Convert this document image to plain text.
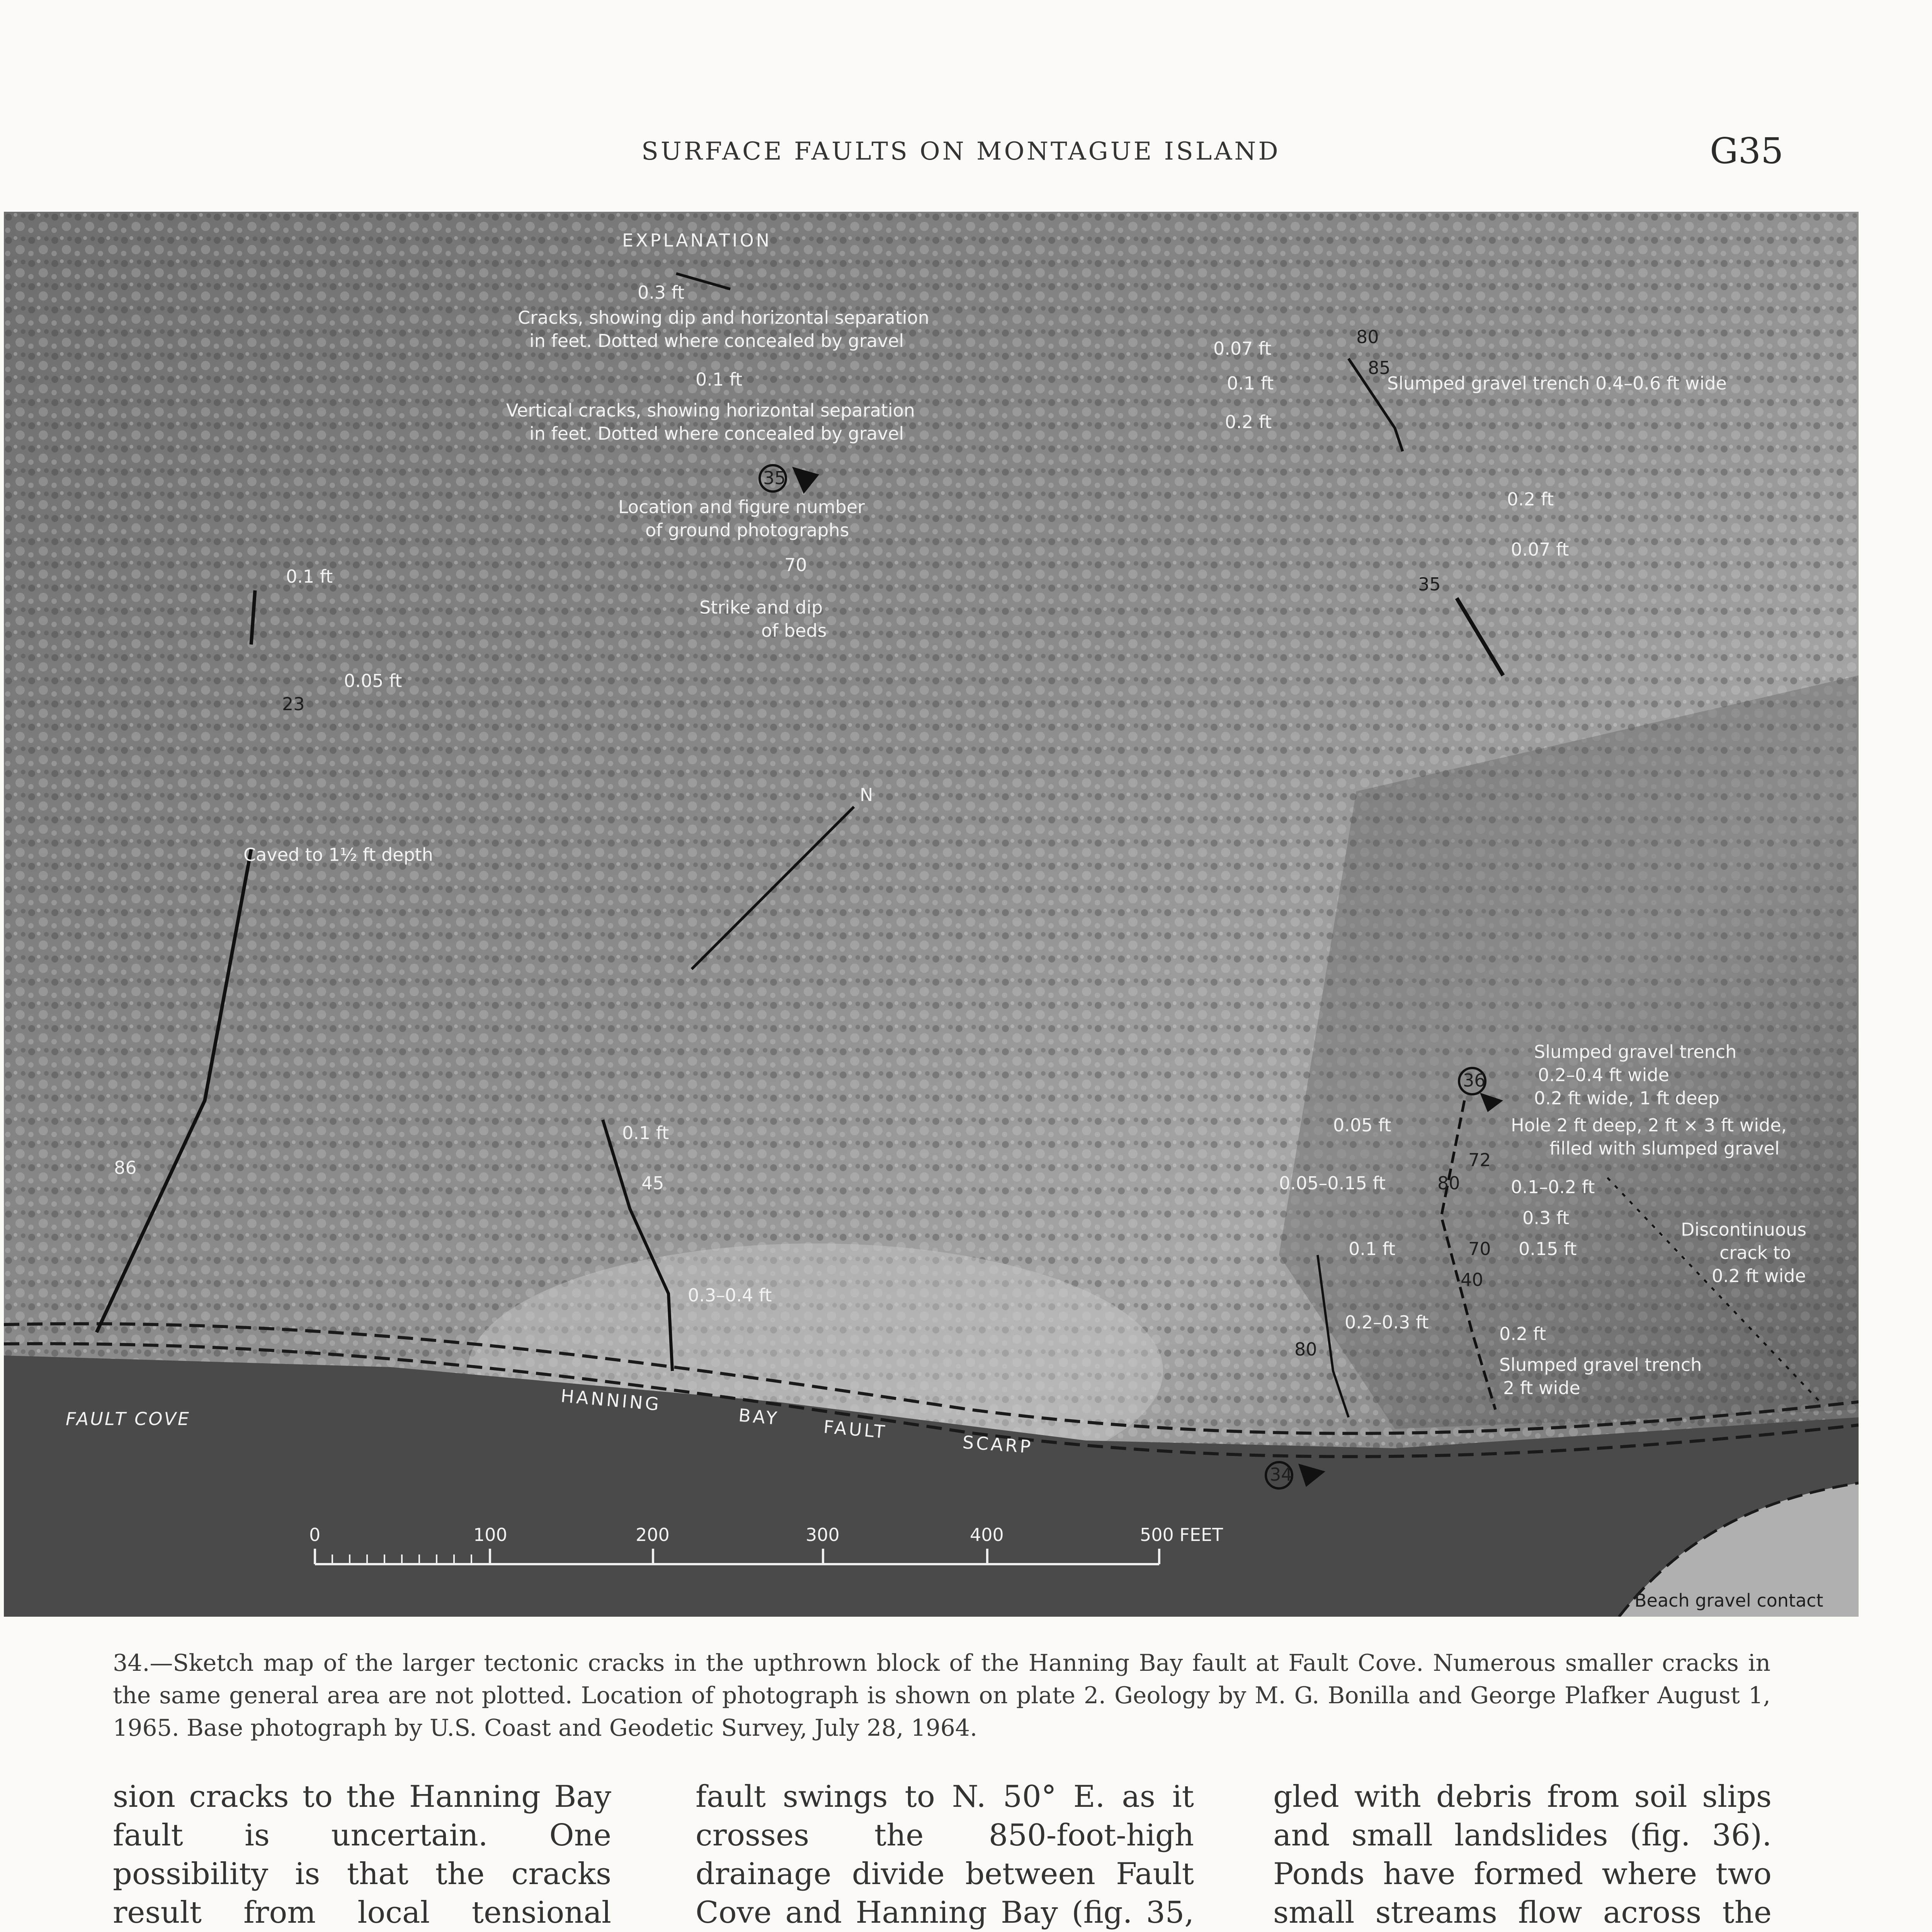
SURFACE FAULTS ON MONTAGUE ISLAND	G35
N
EXPLANATION
0.3 ft
Cracks, showing dip and horizontal separation
in feet. Dotted where concealed by gravel
0.1 ft
Vertical cracks, showing horizontal separation
in feet. Dotted where concealed by gravel
35
Location and figure number
of ground photographs
70
Strike and dip
of beds
0.07 ft
0.1 ft
0.2 ft
0.2 ft
0.07 ft
0.1 ft
0.05 ft
0.1 ft
0.3–0.4 ft
0.05 ft
0.05–0.15 ft
0.1 ft
0.2–0.3 ft
0.1–0.2 ft
0.3 ft
0.15 ft
0.2 ft
23
35
80
85
86
45
72
80
70
40
80
Caved to 1½ ft depth
Slumped gravel trench 0.4–0.6 ft wide
Slumped gravel trench
0.2–0.4 ft wide
0.2 ft wide, 1 ft deep
Hole 2 ft deep, 2 ft × 3 ft wide,
filled with slumped gravel
Discontinuous
crack to
0.2 ft wide
Slumped gravel trench
2 ft wide
36
34
FAULT COVE
HANNING
BAY FAULT
SCARP
Beach gravel contact
0	100	200	300	400	500 FEET
34.—Sketch map of the larger tectonic cracks in the upthrown block of the Hanning Bay fault at Fault Cove. Numerous smaller cracks in the same general area are not plotted. Location of photograph is shown on plate 2. Geology by M. G. Bonilla and George Plafker August 1, 1965. Base photograph by U.S. Coast and Geodetic Survey, July 28, 1964.

sion cracks to the Hanning Bay fault is uncertain. One possibility is that the cracks result from local tensional

fault swings to N. 50° E. as it crosses the 850-foot-high drainage divide between Fault Cove and Hanning Bay (fig. 35,

gled with debris from soil slips and small landslides (fig. 36). Ponds have formed where two small streams flow across the
